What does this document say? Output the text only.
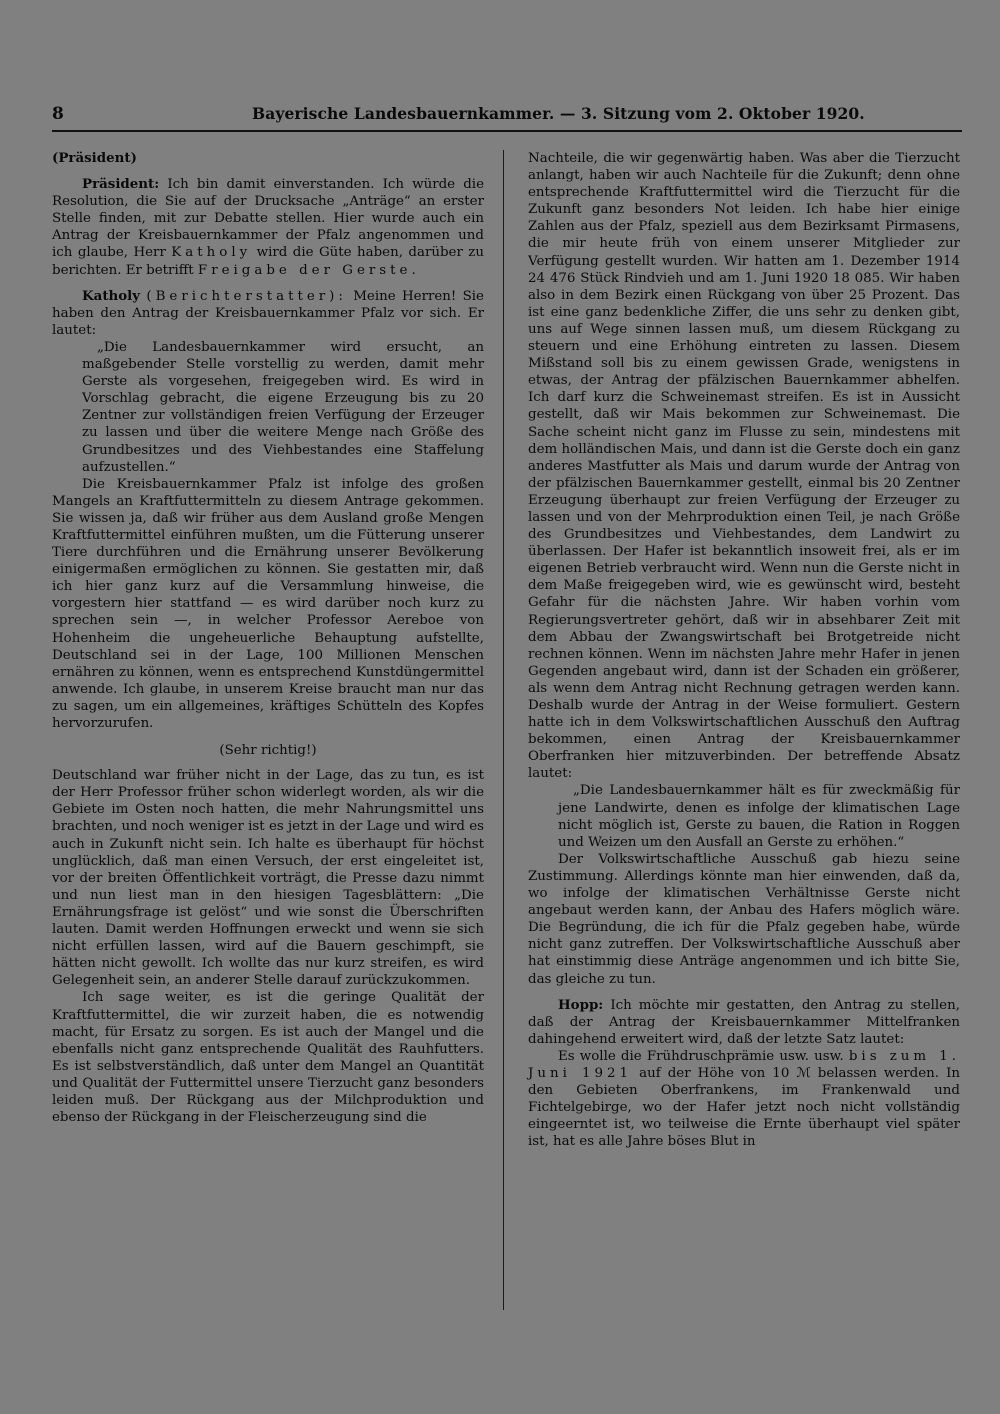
8	Bayerische Landesbauernkammer. — 3. Sitzung vom 2. Oktober 1920.

(Präsident)

Präsident: Ich bin damit einverstanden. Ich würde die Resolution, die Sie auf der Drucksache „Anträge“ an erster Stelle finden, mit zur Debatte stellen. Hier wurde auch ein Antrag der Kreisbauernkammer der Pfalz angenommen und ich glaube, Herr Katholy wird die Güte haben, darüber zu berichten. Er betrifft Freigabe der Gerste.

Katholy (Berichterstatter): Meine Herren! Sie haben den Antrag der Kreisbauernkammer Pfalz vor sich. Er lautet:

„Die Landesbauernkammer wird ersucht, an maßgebender Stelle vorstellig zu werden, damit mehr Gerste als vorgesehen, freigegeben wird. Es wird in Vorschlag gebracht, die eigene Erzeugung bis zu 20 Zentner zur vollständigen freien Verfügung der Erzeuger zu lassen und über die weitere Menge nach Größe des Grundbesitzes und des Viehbestandes eine Staffelung aufzustellen.“

Die Kreisbauernkammer Pfalz ist infolge des großen Mangels an Kraftfuttermitteln zu diesem Antrage gekommen. Sie wissen ja, daß wir früher aus dem Ausland große Mengen Kraftfuttermittel einführen mußten, um die Fütterung unserer Tiere durchführen und die Ernährung unserer Bevölkerung einigermaßen ermöglichen zu können. Sie gestatten mir, daß ich hier ganz kurz auf die Versammlung hinweise, die vorgestern hier stattfand — es wird darüber noch kurz zu sprechen sein —, in welcher Professor Aereboe von Hohenheim die ungeheuerliche Behauptung aufstellte, Deutschland sei in der Lage, 100 Millionen Menschen ernähren zu können, wenn es entsprechend Kunstdüngermittel anwende. Ich glaube, in unserem Kreise braucht man nur das zu sagen, um ein allgemeines, kräftiges Schütteln des Kopfes hervorzurufen.

(Sehr richtig!)

Deutschland war früher nicht in der Lage, das zu tun, es ist der Herr Professor früher schon widerlegt worden, als wir die Gebiete im Osten noch hatten, die mehr Nahrungsmittel uns brachten, und noch weniger ist es jetzt in der Lage und wird es auch in Zukunft nicht sein. Ich halte es überhaupt für höchst unglücklich, daß man einen Versuch, der erst eingeleitet ist, vor der breiten Öffentlichkeit vorträgt, die Presse dazu nimmt und nun liest man in den hiesigen Tagesblättern: „Die Ernährungsfrage ist gelöst“ und wie sonst die Überschriften lauten. Damit werden Hoffnungen erweckt und wenn sie sich nicht erfüllen lassen, wird auf die Bauern geschimpft, sie hätten nicht gewollt. Ich wollte das nur kurz streifen, es wird Gelegenheit sein, an anderer Stelle darauf zurückzukommen.

Ich sage weiter, es ist die geringe Qualität der Kraftfuttermittel, die wir zurzeit haben, die es notwendig macht, für Ersatz zu sorgen. Es ist auch der Mangel und die ebenfalls nicht ganz entsprechende Qualität des Rauhfutters. Es ist selbstverständlich, daß unter dem Mangel an Quantität und Qualität der Futtermittel unsere Tierzucht ganz besonders leiden muß. Der Rückgang aus der Milchproduktion und ebenso der Rückgang in der Fleischerzeugung sind die

Nachteile, die wir gegenwärtig haben. Was aber die Tierzucht anlangt, haben wir auch Nachteile für die Zukunft; denn ohne entsprechende Kraftfuttermittel wird die Tierzucht für die Zukunft ganz besonders Not leiden. Ich habe hier einige Zahlen aus der Pfalz, speziell aus dem Bezirksamt Pirmasens, die mir heute früh von einem unserer Mitglieder zur Verfügung gestellt wurden. Wir hatten am 1. Dezember 1914 24 476 Stück Rindvieh und am 1. Juni 1920 18 085. Wir haben also in dem Bezirk einen Rückgang von über 25 Prozent. Das ist eine ganz bedenkliche Ziffer, die uns sehr zu denken gibt, uns auf Wege sinnen lassen muß, um diesem Rückgang zu steuern und eine Erhöhung eintreten zu lassen. Diesem Mißstand soll bis zu einem gewissen Grade, wenigstens in etwas, der Antrag der pfälzischen Bauernkammer abhelfen. Ich darf kurz die Schweinemast streifen. Es ist in Aussicht gestellt, daß wir Mais bekommen zur Schweinemast. Die Sache scheint nicht ganz im Flusse zu sein, mindestens mit dem holländischen Mais, und dann ist die Gerste doch ein ganz anderes Mastfutter als Mais und darum wurde der Antrag von der pfälzischen Bauernkammer gestellt, einmal bis 20 Zentner Erzeugung überhaupt zur freien Verfügung der Erzeuger zu lassen und von der Mehrproduktion einen Teil, je nach Größe des Grundbesitzes und Viehbestandes, dem Landwirt zu überlassen. Der Hafer ist bekanntlich insoweit frei, als er im eigenen Betrieb verbraucht wird. Wenn nun die Gerste nicht in dem Maße freigegeben wird, wie es gewünscht wird, besteht Gefahr für die nächsten Jahre. Wir haben vorhin vom Regierungsvertreter gehört, daß wir in absehbarer Zeit mit dem Abbau der Zwangswirtschaft bei Brotgetreide nicht rechnen können. Wenn im nächsten Jahre mehr Hafer in jenen Gegenden angebaut wird, dann ist der Schaden ein größerer, als wenn dem Antrag nicht Rechnung getragen werden kann. Deshalb wurde der Antrag in der Weise formuliert. Gestern hatte ich in dem Volkswirtschaftlichen Ausschuß den Auftrag bekommen, einen Antrag der Kreisbauernkammer Oberfranken hier mitzuverbinden. Der betreffende Absatz lautet:

„Die Landesbauernkammer hält es für zweckmäßig für jene Landwirte, denen es infolge der klimatischen Lage nicht möglich ist, Gerste zu bauen, die Ration in Roggen und Weizen um den Ausfall an Gerste zu erhöhen.“

Der Volkswirtschaftliche Ausschuß gab hiezu seine Zustimmung. Allerdings könnte man hier einwenden, daß da, wo infolge der klimatischen Verhältnisse Gerste nicht angebaut werden kann, der Anbau des Hafers möglich wäre. Die Begründung, die ich für die Pfalz gegeben habe, würde nicht ganz zutreffen. Der Volkswirtschaftliche Ausschuß aber hat einstimmig diese Anträge angenommen und ich bitte Sie, das gleiche zu tun.

Hopp: Ich möchte mir gestatten, den Antrag zu stellen, daß der Antrag der Kreisbauernkammer Mittelfranken dahingehend erweitert wird, daß der letzte Satz lautet:

Es wolle die Frühdruschprämie usw. usw. bis zum 1. Juni 1921 auf der Höhe von 10 ℳ belassen werden. In den Gebieten Oberfrankens, im Frankenwald und Fichtelgebirge, wo der Hafer jetzt noch nicht vollständig eingeerntet ist, wo teilweise die Ernte überhaupt viel später ist, hat es alle Jahre böses Blut in
